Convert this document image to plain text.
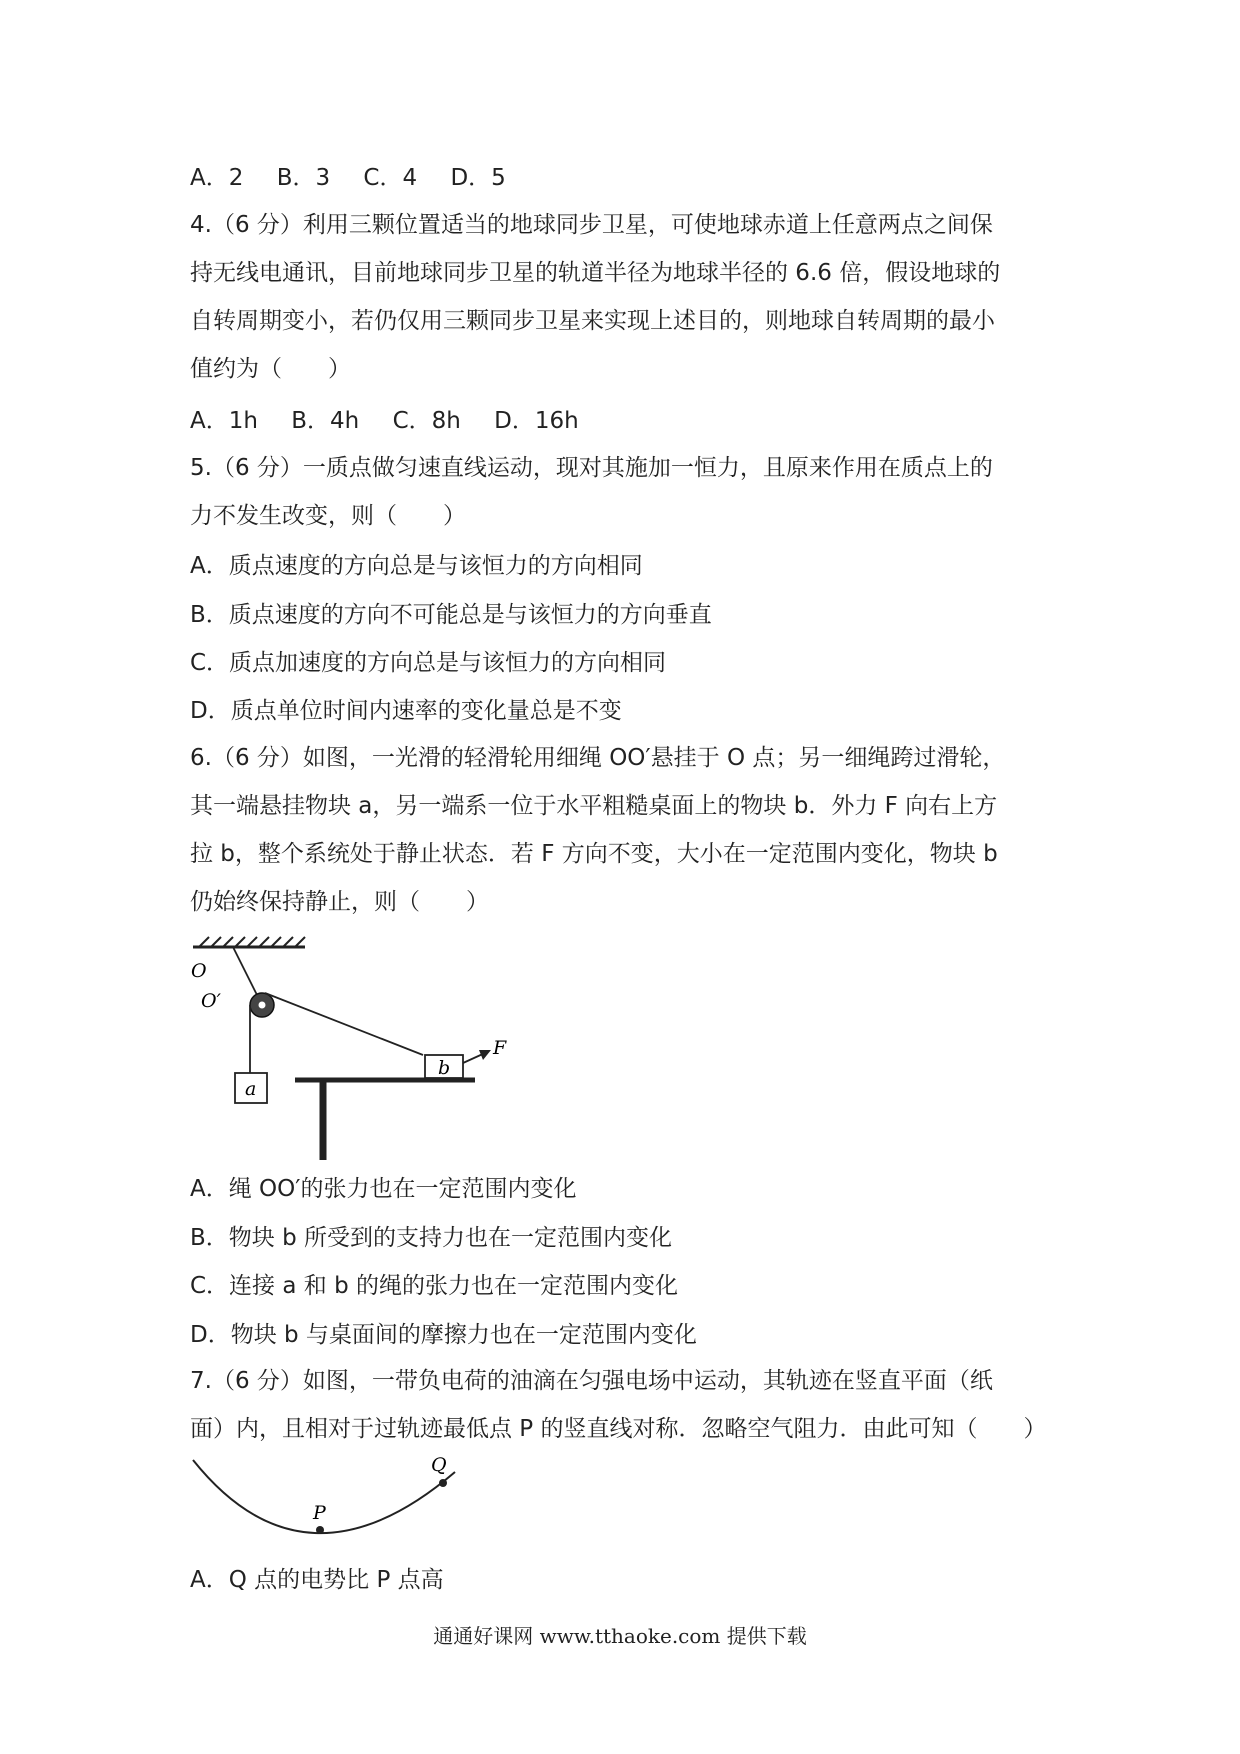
A．2 B．3 C．4 D．5
4.（6 分）利用三颗位置适当的地球同步卫星，可使地球赤道上任意两点之间保
持无线电通讯，目前地球同步卫星的轨道半径为地球半径的 6.6 倍，假设地球的
自转周期变小，若仍仅用三颗同步卫星来实现上述目的，则地球自转周期的最小
值约为（　　）
A．1h B．4h C．8h D．16h
5.（6 分）一质点做匀速直线运动，现对其施加一恒力，且原来作用在质点上的
力不发生改变，则（　　）
A．质点速度的方向总是与该恒力的方向相同
B．质点速度的方向不可能总是与该恒力的方向垂直
C．质点加速度的方向总是与该恒力的方向相同
D．质点单位时间内速率的变化量总是不变
6.（6 分）如图，一光滑的轻滑轮用细绳 OO′悬挂于 O 点；另一细绳跨过滑轮，
其一端悬挂物块 a，另一端系一位于水平粗糙桌面上的物块 b．外力 F 向右上方
拉 b，整个系统处于静止状态．若 F 方向不变，大小在一定范围内变化，物块 b
仍始终保持静止，则（　　）
O
O′
a
b
F
A．绳 OO′的张力也在一定范围内变化
B．物块 b 所受到的支持力也在一定范围内变化
C．连接 a 和 b 的绳的张力也在一定范围内变化
D．物块 b 与桌面间的摩擦力也在一定范围内变化
7.（6 分）如图，一带负电荷的油滴在匀强电场中运动，其轨迹在竖直平面（纸
面）内，且相对于过轨迹最低点 P 的竖直线对称．忽略空气阻力．由此可知（　　）
P
Q
A．Q 点的电势比 P 点高
通通好课网 www.tthaoke.com 提供下载
